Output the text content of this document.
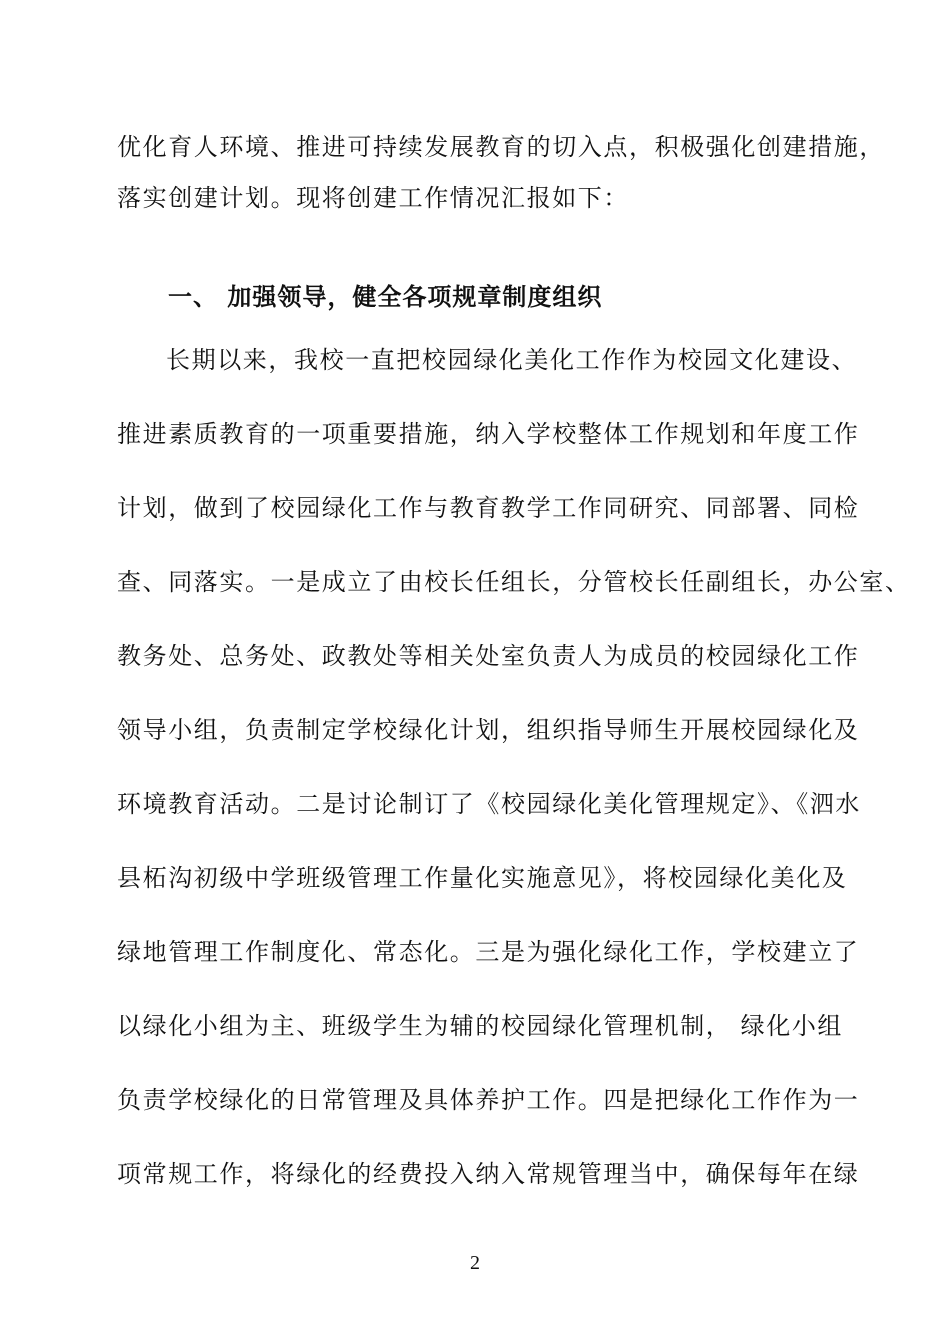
优化育人环境、推进可持续发展教育的切入点，积极强化创建措施，
落实创建计划。现将创建工作情况汇报如下：
一、 加强领导，健全各项规章制度组织
长期以来，我校一直把校园绿化美化工作作为校园文化建设、
推进素质教育的一项重要措施，纳入学校整体工作规划和年度工作
计划，做到了校园绿化工作与教育教学工作同研究、同部署、同检
查、同落实。一是成立了由校长任组长，分管校长任副组长，办公室、
教务处、总务处、政教处等相关处室负责人为成员的校园绿化工作
领导小组，负责制定学校绿化计划，组织指导师生开展校园绿化及
环境教育活动。二是讨论制订了《校园绿化美化管理规定》、《泗水
县柘沟初级中学班级管理工作量化实施意见》，将校园绿化美化及
绿地管理工作制度化、常态化。三是为强化绿化工作，学校建立了
以绿化小组为主、班级学生为辅的校园绿化管理机制， 绿化小组
负责学校绿化的日常管理及具体养护工作。四是把绿化工作作为一
项常规工作，将绿化的经费投入纳入常规管理当中，确保每年在绿
2
